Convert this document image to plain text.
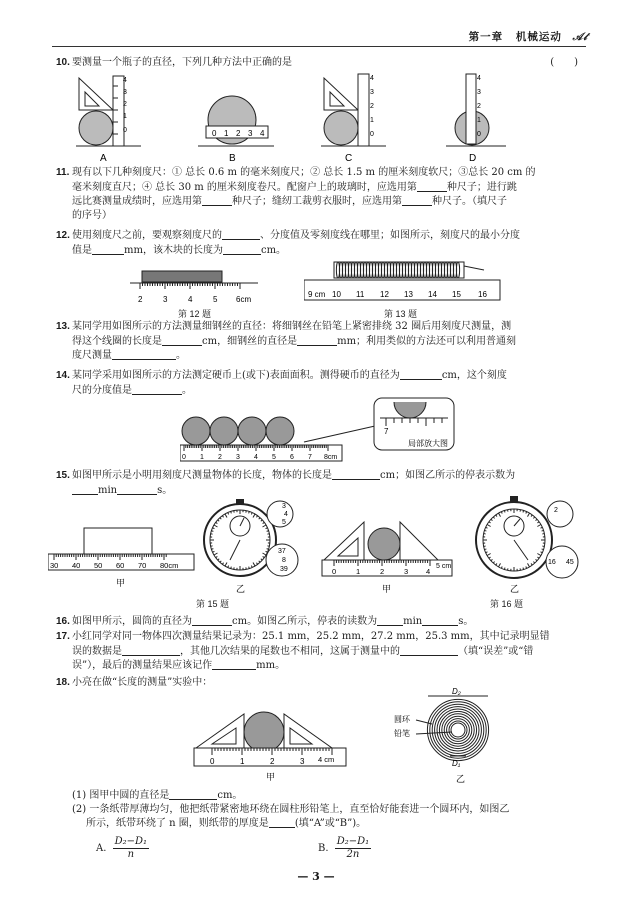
第一章 机械运动 𝒜𝓉

10. 要测量一个瓶子的直径，下列几种方法中正确的是	(　　)
4
3
2
1
0
A
0 1 2 3 4
B
4
3
2
1
0
C
4
3
2
1
0
D

11. 现有以下几种刻度尺：① 总长 0.6 m 的毫米刻度尺；② 总长 1.5 m 的厘米刻度软尺；③总长 20 cm 的

毫米刻度直尺；④ 总长 30 m 的厘米刻度卷尺。配窗户上的玻璃时，应选用第	种尺子；进行跳

远比赛测量成绩时，应选用第	种尺子；缝纫工裁剪衣服时，应选用第	种尺子。（填尺子

的序号）

12. 使用刻度尺之前，要观察刻度尺的	、分度值及零刻度线在哪里；如图所示，刻度尺的最小分度

值是	mm，该木块的长度为	cm。

2	3	4	5 6cm
第 12 题
9 cm 10 11 12 13 14 15 16
第 13 题

13. 某同学用如图所示的方法测量细钢丝的直径：将细钢丝在铅笔上紧密排绕 32 圈后用刻度尺测量，测

得这个线圈的长度是	cm，细钢丝的直径是	mm；利用类似的方法还可以利用普通刻

度尺测量	。

14. 某同学采用如图所示的方法测定硬币上(或下)表面面积。测得硬币的直径为	cm，这个刻度

尺的分度值是	。

0 1 2 3 4 5 6 7 8cm
7
局部放大图

15. 如图甲所示是小明用刻度尺测量物体的长度，物体的长度是	cm；如图乙所示的停表示数为

min	s。

30 40 50 60 70 80cm
甲
3
4
5
37
8
39
乙
第 15 题
0	1	2	3 4
5 cm
甲
2
16 45
乙
第 16 题

16. 如图甲所示，圆筒的直径为	cm。如图乙所示，停表的读数为	min	s。

17. 小红同学对同一物体四次测量结果记录为：25.1 mm，25.2 mm，27.2 mm，25.3 mm，其中记录明显错

误的数据是	，其他几次结果的尾数也不相同，这属于测量中的	（填“误差”或“错

误”），最后的测量结果应该记作	mm。

18. 小亮在做“长度的测量”实验中：

0	1	2	3 4 cm
甲
D₂
D₁
圆环
铅笔
乙

(1) 图甲中圆的直径是	cm。

(2) 一条纸带厚薄均匀，他把纸带紧密地环绕在圆柱形铅笔上，直至恰好能套进一个圆环内，如图乙

所示，纸带环绕了 n 圈，则纸带的厚度是	(填“A”或“B”)。

A. $\frac{\text{D₂−D₁}}{n}$	B. $\frac{\text{D₂−D₁}}{2n}$
— 3 —
